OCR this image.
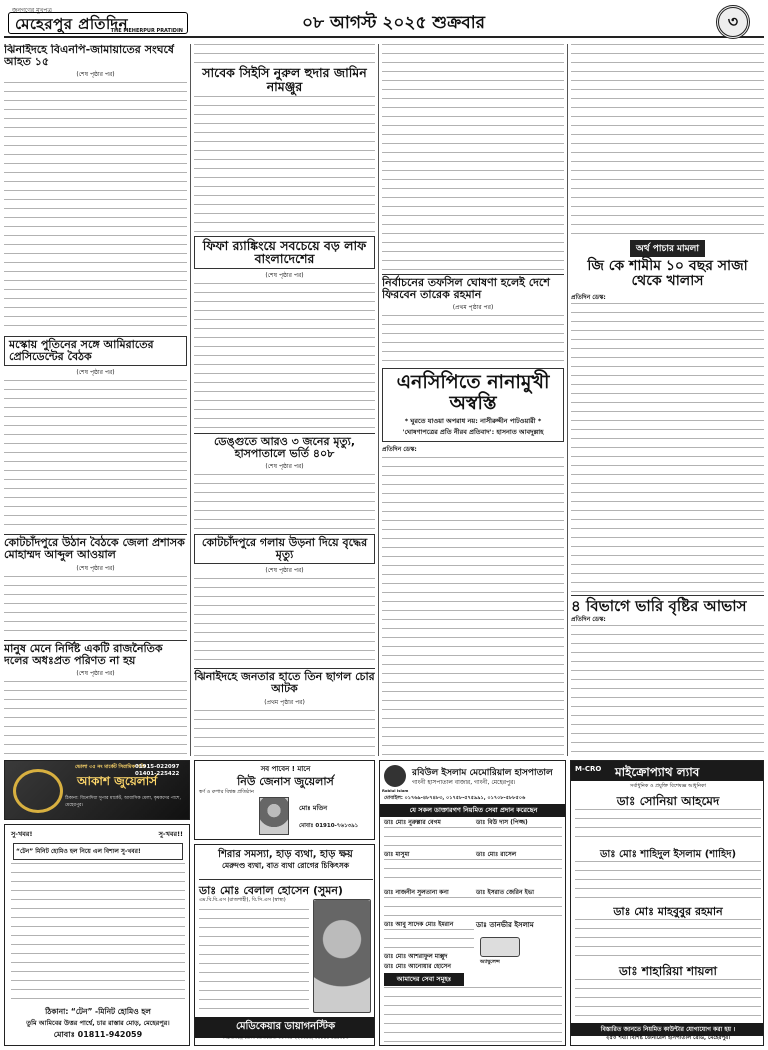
জনগণের মুখপত্র
মেহেরপুর প্রতিদিন
THE MEHERPUR PRATIDIN	০৮ আগস্ট ২০২৫ শুক্রবার	৩
ঝিনাইদহে বিএনপি-জামায়াতের সংঘর্ষে আহত ১৫
(শেষ পৃষ্ঠার পর)
মস্কোয় পুতিনের সঙ্গে আমিরাতের প্রেসিডেন্টের বৈঠক
(শেষ পৃষ্ঠার পর)
কোটচাঁদপুরে উঠান বৈঠকে জেলা প্রশাসক মোহাম্মদ আব্দুল আওয়াল
(শেষ পৃষ্ঠার পর)
মানুষ মেনে নির্দিষ্ট একটি রাজনৈতিক দলের অধঃপ্রত পরিণত না হয়
(শেষ পৃষ্ঠার পর)
সাবেক সিইসি নুরুল হুদার জামিন নামঞ্জুর
ফিফা র‍্যাঙ্কিংয়ে সবচেয়ে বড় লাফ বাংলাদেশের
(শেষ পৃষ্ঠার পর)
ডেঙ্গুতে আরও ৩ জনের মৃত্যু, হাসপাতালে ভর্তি ৪০৮
(শেষ পৃষ্ঠার পর)
কোটচাঁদপুরে গলায় উড়না দিয়ে বৃদ্ধের মৃত্যু
(শেষ পৃষ্ঠার পর)
ঝিনাইদহে জনতার হাতে তিন ছাগল চোর আটক
(প্রথম পৃষ্ঠার পর)
নির্বাচনের তফসিল ঘোষণা হলেই দেশে ফিরবেন তারেক রহমান
(প্রথম পৃষ্ঠার পর)
এনসিপিতে নানামুখী অস্বস্তি
* ঘুরতে যাওয়া অপরাধ নয়: নাসীরুদ্দীন পাটওয়ারী *
'ঘোষণাপত্রের প্রতি নীরব প্রতিবাদ': হাসনাত আবদুল্লাহ
প্রতিদিন ডেস্ক:
অর্থ পাচার মামলা
জি কে শামীম ১০ বছর সাজা থেকে খালাস
প্রতিদিন ডেস্ক:
৪ বিভাগে ভারি বৃষ্টির আভাস
প্রতিদিন ডেস্ক:
ভোলা ৩৫ নং মার্কেট সিরামিক গলি
আকাশ জুয়েলার্স
01915-022097
01401-225422
ঠিকানা: বিনোদিয়া সুপার মার্কেট, আবাসিক মেলা, কৃষকদের পাশে, মেহেরপুর।
সু-খবর!	সু-খবর!!
“টেন” মিনিট হোমিও হল নিয়ে এল বিশাল সু-খবর!
ঠিকানা: “টেন” -মিনিট হোমিও হল
তুমি আমিবের উত্তর পার্শ্বে, চার রাস্তার মোড়, মেহেরপুর।
মোবাঃ 01811-942059
সব পাবেন ! মানে
নিউ জেনাস জুয়েলার্স
স্বর্ণ ও রুপার বিশ্বস্ত প্রতিষ্ঠান
মোঃ মতিন
মোবাঃ 01910-৭৬১৩৯১
শিরার সমস্যা, হাড় ব্যথা, হাড় ক্ষয়
মেরুদণ্ড ব্যথা, বাত ব্যথা রোগের চিকিৎসক
ডাঃ মোঃ বেলাল হোসেন (সুমন)
এম.বি.বি.এস (রাজশাহী), বি.সি.এস (স্বাস্থ্য)
মেডিকেয়ার ডায়াগনস্টিক
সিরাজগঞ্জে জেলা যোগাযোগ: ০১৭৩৫-২২০০৫৪, ০১৮৪৫-৫৬৫০৮৩
Robiul Islam
রবিউল ইসলাম মেমোরিয়াল হাসপাতাল
গাংনী হাসপাতাল বাজার, গাংনী, মেহেরপুর।
মোবাইল: ০১৭৬৯-৪৮৭৪৮৩, ০১৭৫৮-৫৭৫৯৯১, ০১৭০৮-৫৮৮৫০৬
যে সকল ডাক্তারগণ নিয়মিত সেবা প্রদান করেছেন
ডাঃ মোঃ নুরুল্লার বেগম	ডাঃ বিউ দাস (পিজ্জ)
ডাঃ মাসুমা	ডাঃ মোঃ রাসেল
ডাঃ নাজনীন সুলতানা কনা	ডাঃ ইসরাত জেরিন ইভা
ডাঃ আবু সাদেক মোঃ ইমরান	ডাঃ তানভীর ইসলাম
ডাঃ মোঃ আশরাফুল মাক্সুদ
ডাঃ মোঃ আনোয়ার হোসেন
অ্যাম্বুলেন্স
আমাদের সেবা সমূহঃ
M-CRO মাইক্রোপ্যাথ ল্যাব
সর্বাধুনিক ও প্রযুক্তি বিশেষজ্ঞ আধুনিকা
ডাঃ সোনিয়া আহমেদ
ডাঃ মোঃ শাহিদুল ইসলাম (শাহিদ)
ডাঃ মোঃ মাহবুবুর রহমান
ডাঃ শাহারিয়া শায়লা
বিস্তারিত জানতে নিয়মিত কাউন্টার যোগাযোগ করা হয় ।
২৫০ শয্যা বিশিষ্ট জেনারেল হাসপাতাল রোড, মেহেরপুর।
